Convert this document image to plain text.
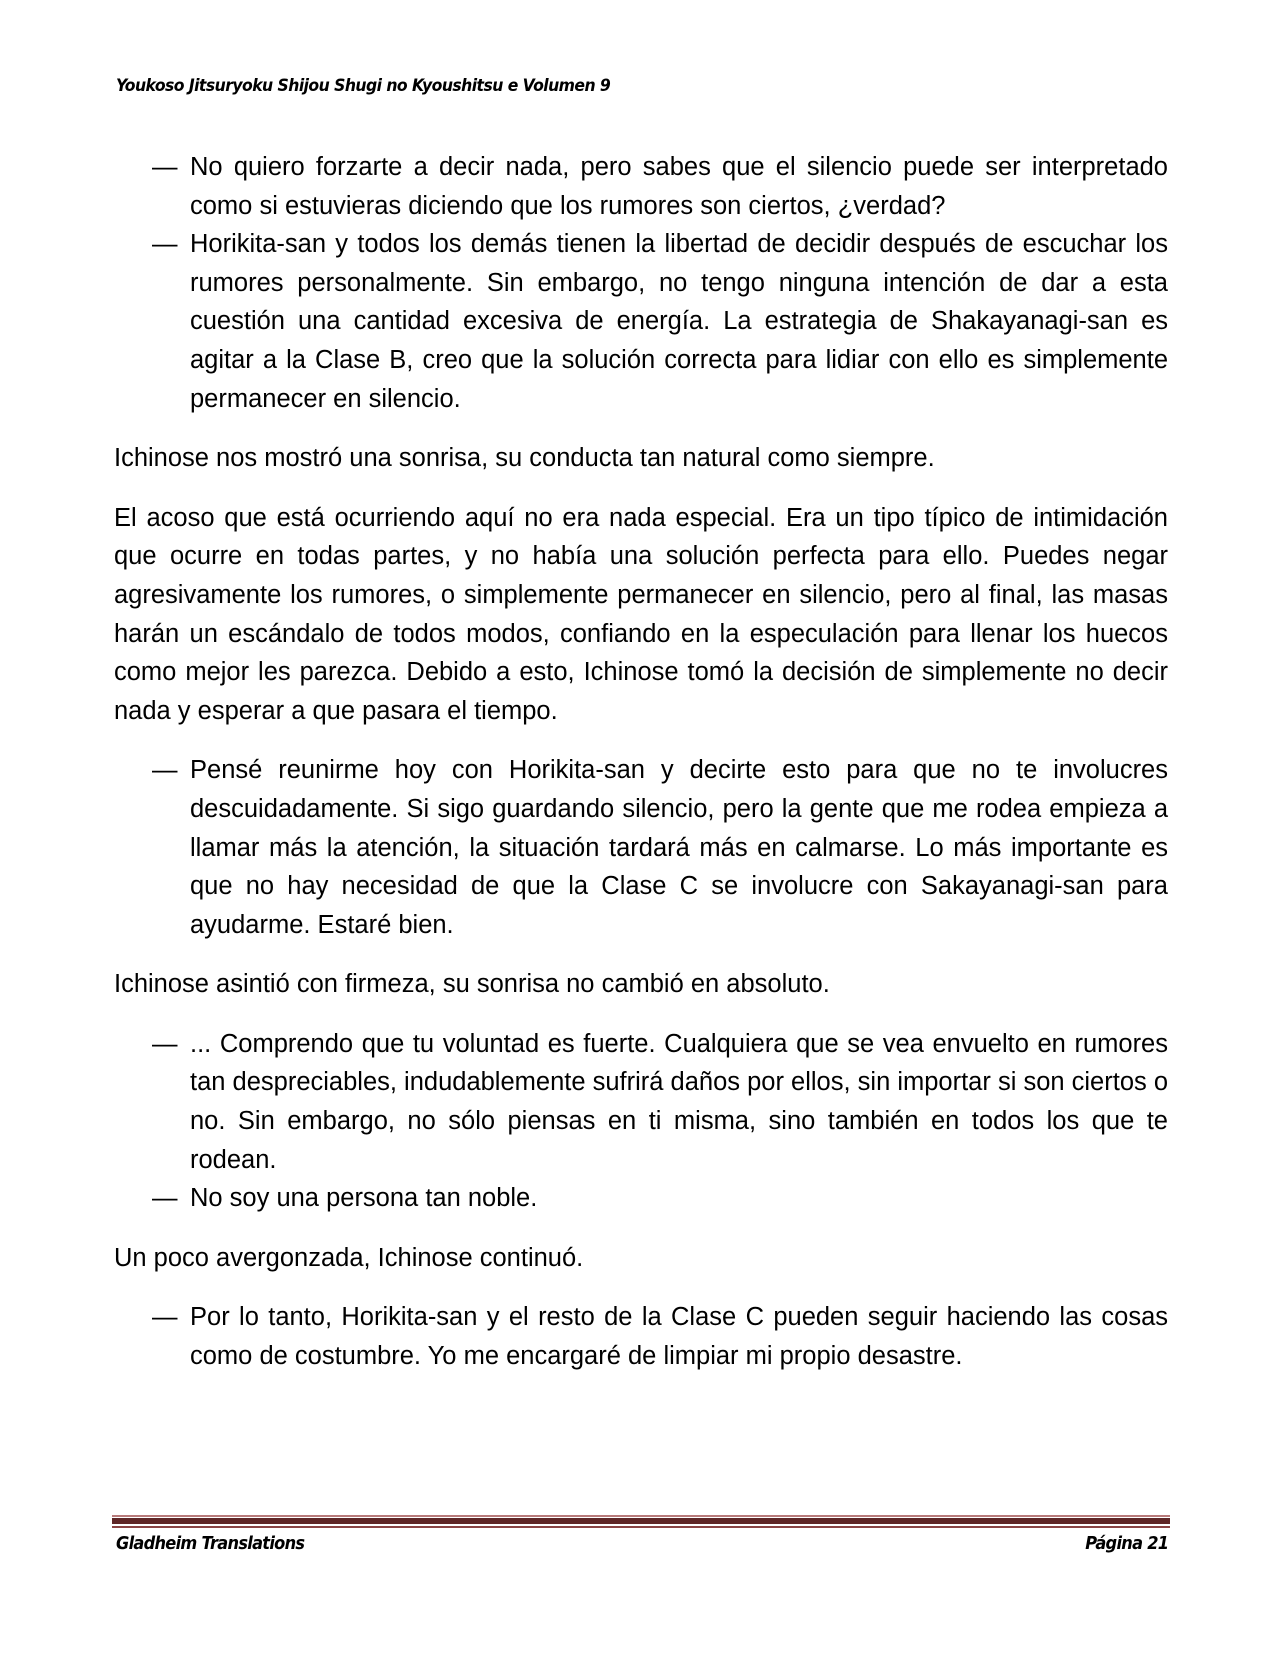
Youkoso Jitsuryoku Shijou Shugi no Kyoushitsu e Volumen 9
— No quiero forzarte a decir nada, pero sabes que el silencio puede ser interpretado como si estuvieras diciendo que los rumores son ciertos, ¿verdad?
— Horikita-san y todos los demás tienen la libertad de decidir después de escuchar los rumores personalmente. Sin embargo, no tengo ninguna intención de dar a esta cuestión una cantidad excesiva de energía. La estrategia de Shakayanagi-san es agitar a la Clase B, creo que la solución correcta para lidiar con ello es simplemente permanecer en silencio.

Ichinose nos mostró una sonrisa, su conducta tan natural como siempre.

El acoso que está ocurriendo aquí no era nada especial. Era un tipo típico de intimidación que ocurre en todas partes, y no había una solución perfecta para ello. Puedes negar agresivamente los rumores, o simplemente permanecer en silencio, pero al final, las masas harán un escándalo de todos modos, confiando en la especulación para llenar los huecos como mejor les parezca. Debido a esto, Ichinose tomó la decisión de simplemente no decir nada y esperar a que pasara el tiempo.

— Pensé reunirme hoy con Horikita-san y decirte esto para que no te involucres descuidadamente. Si sigo guardando silencio, pero la gente que me rodea empieza a llamar más la atención, la situación tardará más en calmarse. Lo más importante es que no hay necesidad de que la Clase C se involucre con Sakayanagi-san para ayudarme. Estaré bien.

Ichinose asintió con firmeza, su sonrisa no cambió en absoluto.

— ... Comprendo que tu voluntad es fuerte. Cualquiera que se vea envuelto en rumores tan despreciables, indudablemente sufrirá daños por ellos, sin importar si son ciertos o no. Sin embargo, no sólo piensas en ti misma, sino también en todos los que te rodean.
— No soy una persona tan noble.

Un poco avergonzada, Ichinose continuó.

— Por lo tanto, Horikita-san y el resto de la Clase C pueden seguir haciendo las cosas como de costumbre. Yo me encargaré de limpiar mi propio desastre.
Gladheim Translations	Página 21
